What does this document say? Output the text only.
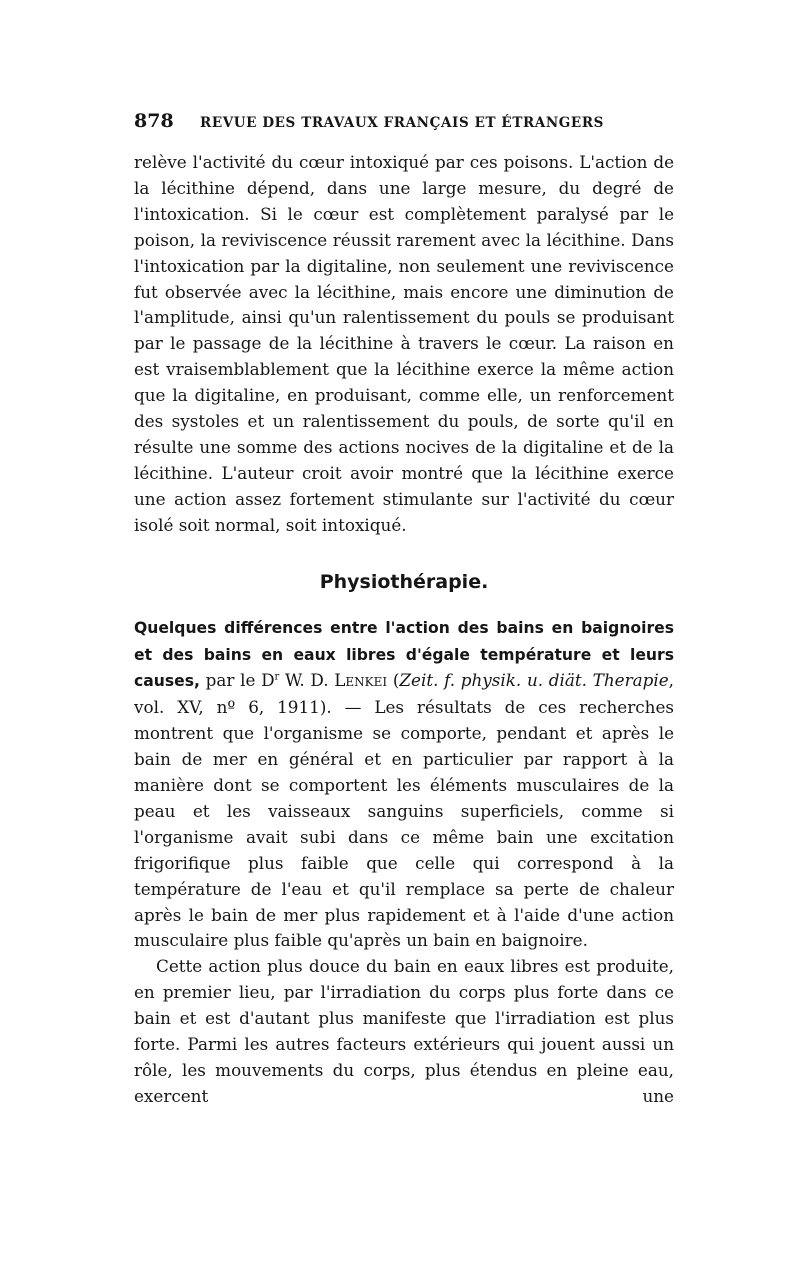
878	REVUE DES TRAVAUX FRANÇAIS ET ÉTRANGERS

relève l'activité du cœur intoxiqué par ces poisons. L'action de la lécithine dépend, dans une large mesure, du degré de l'intoxication. Si le cœur est complètement paralysé par le poison, la reviviscence réussit rarement avec la lécithine. Dans l'intoxication par la digitaline, non seulement une reviviscence fut observée avec la lécithine, mais encore une diminution de l'amplitude, ainsi qu'un ralentissement du pouls se produisant par le passage de la lécithine à travers le cœur. La raison en est vraisemblablement que la lécithine exerce la même action que la digitaline, en produisant, comme elle, un renforcement des systoles et un ralentissement du pouls, de sorte qu'il en résulte une somme des actions nocives de la digitaline et de la lécithine. L'auteur croit avoir montré que la lécithine exerce une action assez fortement stimulante sur l'activité du cœur isolé soit normal, soit intoxiqué.

Physiothérapie.

Quelques différences entre l'action des bains en baignoires et des bains en eaux libres d'égale température et leurs causes, par le $D^r$ W. D. Lenkei (Zeit. f. physik. u. diät. Therapie, vol. XV, nº 6, 1911). — Les résultats de ces recherches montrent que l'organisme se comporte, pendant et après le bain de mer en général et en particulier par rapport à la manière dont se comportent les éléments musculaires de la peau et les vaisseaux sanguins superficiels, comme si l'organisme avait subi dans ce même bain une excitation frigorifique plus faible que celle qui correspond à la température de l'eau et qu'il remplace sa perte de chaleur après le bain de mer plus rapidement et à l'aide d'une action musculaire plus faible qu'après un bain en baignoire.

Cette action plus douce du bain en eaux libres est produite, en premier lieu, par l'irradiation du corps plus forte dans ce bain et est d'autant plus manifeste que l'irradiation est plus forte. Parmi les autres facteurs extérieurs qui jouent aussi un rôle, les mouvements du corps, plus étendus en pleine eau, exercent une
